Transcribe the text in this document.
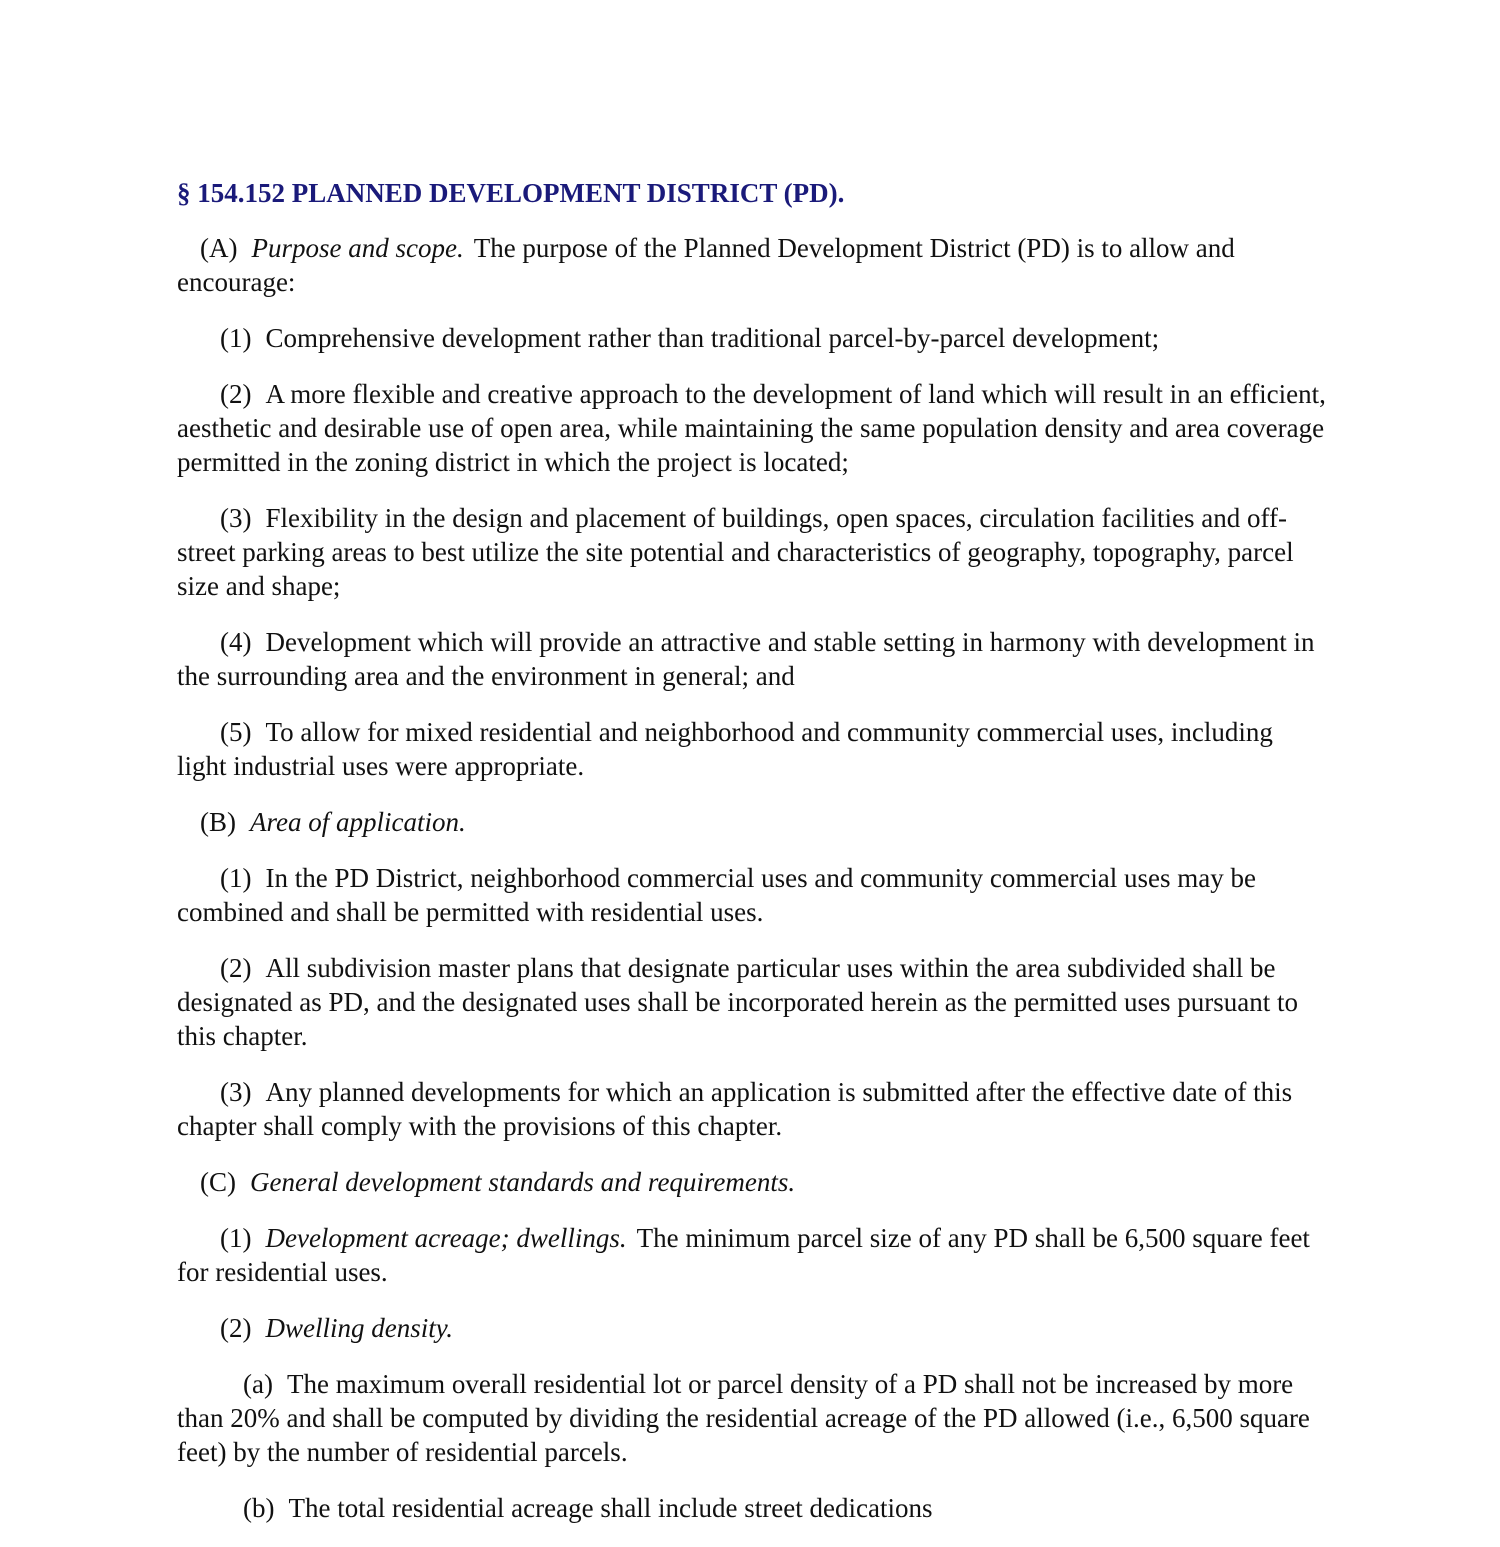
§ 154.152 PLANNED DEVELOPMENT DISTRICT (PD).

(A) Purpose and scope. The purpose of the Planned Development District (PD) is to allow and encourage:

(1) Comprehensive development rather than traditional parcel-by-parcel development;

(2) A more flexible and creative approach to the development of land which will result in an efficient, aesthetic and desirable use of open area, while maintaining the same population density and area coverage permitted in the zoning district in which the project is located;

(3) Flexibility in the design and placement of buildings, open spaces, circulation facilities and off-street parking areas to best utilize the site potential and characteristics of geography, topography, parcel size and shape;

(4) Development which will provide an attractive and stable setting in harmony with development in the surrounding area and the environment in general; and

(5) To allow for mixed residential and neighborhood and community commercial uses, including light industrial uses were appropriate.

(B) Area of application.

(1) In the PD District, neighborhood commercial uses and community commercial uses may be combined and shall be permitted with residential uses.

(2) All subdivision master plans that designate particular uses within the area subdivided shall be designated as PD, and the designated uses shall be incorporated herein as the permitted uses pursuant to this chapter.

(3) Any planned developments for which an application is submitted after the effective date of this chapter shall comply with the provisions of this chapter.

(C) General development standards and requirements.

(1) Development acreage; dwellings. The minimum parcel size of any PD shall be 6,500 square feet for residential uses.

(2) Dwelling density.

(a) The maximum overall residential lot or parcel density of a PD shall not be increased by more than 20% and shall be computed by dividing the residential acreage of the PD allowed (i.e., 6,500 square feet) by the number of residential parcels.

(b) The total residential acreage shall include street dedications
